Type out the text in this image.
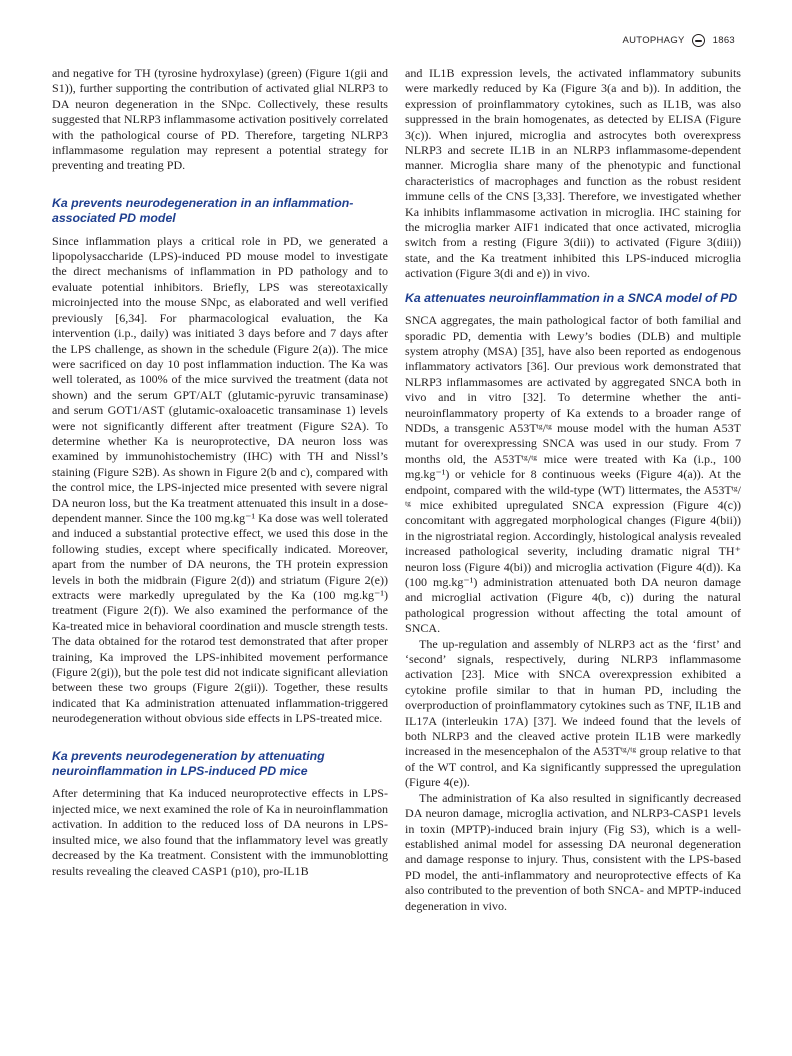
AUTOPHAGY	1863

and negative for TH (tyrosine hydroxylase) (green) (Figure 1(gii and S1)), further supporting the contribution of activated glial NLRP3 to DA neuron degeneration in the SNpc. Collectively, these results suggested that NLRP3 inflammasome activation positively correlated with the pathological course of PD. Therefore, targeting NLRP3 inflammasome regulation may represent a potential strategy for preventing and treating PD.

Ka prevents neurodegeneration in an inflammation-associated PD model

Since inflammation plays a critical role in PD, we generated a lipopolysaccharide (LPS)-induced PD mouse model to investigate the direct mechanisms of inflammation in PD pathology and to evaluate potential inhibitors. Briefly, LPS was stereotaxically microinjected into the mouse SNpc, as elaborated and well verified previously [6,34]. For pharmacological evaluation, the Ka intervention (i.p., daily) was initiated 3 days before and 7 days after the LPS challenge, as shown in the schedule (Figure 2(a)). The mice were sacrificed on day 10 post inflammation induction. The Ka was well tolerated, as 100% of the mice survived the treatment (data not shown) and the serum GPT/ALT (glutamic-pyruvic transaminase) and serum GOT1/AST (glutamic-oxaloacetic transaminase 1) levels were not significantly different after treatment (Figure S2A). To determine whether Ka is neuroprotective, DA neuron loss was examined by immunohistochemistry (IHC) with TH and Nissl’s staining (Figure S2B). As shown in Figure 2(b and c), compared with the control mice, the LPS-injected mice presented with severe nigral DA neuron loss, but the Ka treatment attenuated this insult in a dose-dependent manner. Since the 100 mg.kg⁻¹ Ka dose was well tolerated and induced a substantial protective effect, we used this dose in the following studies, except where specifically indicated. Moreover, apart from the number of DA neurons, the TH protein expression levels in both the midbrain (Figure 2(d)) and striatum (Figure 2(e)) extracts were markedly upregulated by the Ka (100 mg.kg⁻¹) treatment (Figure 2(f)). We also examined the performance of the Ka-treated mice in behavioral coordination and muscle strength tests. The data obtained for the rotarod test demonstrated that after proper training, Ka improved the LPS-inhibited movement performance (Figure 2(gi)), but the pole test did not indicate significant alleviation between these two groups (Figure 2(gii)). Together, these results indicated that Ka administration attenuated inflammation-triggered neurodegeneration without obvious side effects in LPS-treated mice.

Ka prevents neurodegeneration by attenuating neuroinflammation in LPS-induced PD mice

After determining that Ka induced neuroprotective effects in LPS-injected mice, we next examined the role of Ka in neuroinflammation activation. In addition to the reduced loss of DA neurons in LPS-insulted mice, we also found that the inflammatory level was greatly decreased by the Ka treatment. Consistent with the immunoblotting results revealing the cleaved CASP1 (p10), pro-IL1B

and IL1B expression levels, the activated inflammatory subunits were markedly reduced by Ka (Figure 3(a and b)). In addition, the expression of proinflammatory cytokines, such as IL1B, was also suppressed in the brain homogenates, as detected by ELISA (Figure 3(c)). When injured, microglia and astrocytes both overexpress NLRP3 and secrete IL1B in an NLRP3 inflammasome-dependent manner. Microglia share many of the phenotypic and functional characteristics of macrophages and function as the robust resident immune cells of the CNS [3,33]. Therefore, we investigated whether Ka inhibits inflammasome activation in microglia. IHC staining for the microglia marker AIF1 indicated that once activated, microglia switch from a resting (Figure 3(dii)) to activated (Figure 3(diii)) state, and the Ka treatment inhibited this LPS-induced microglia activation (Figure 3(di and e)) in vivo.

Ka attenuates neuroinflammation in a SNCA model of PD

SNCA aggregates, the main pathological factor of both familial and sporadic PD, dementia with Lewy’s bodies (DLB) and multiple system atrophy (MSA) [35], have also been reported as endogenous inflammatory activators [36]. Our previous work demonstrated that NLRP3 inflammasomes are activated by aggregated SNCA both in vivo and in vitro [32]. To determine whether the anti-neuroinflammatory property of Ka extends to a broader range of NDDs, a transgenic A53Tᵗᵍ/ᵗᵍ mouse model with the human A53T mutant for overexpressing SNCA was used in our study. From 7 months old, the A53Tᵗᵍ/ᵗᵍ mice were treated with Ka (i.p., 100 mg.kg⁻¹) or vehicle for 8 continuous weeks (Figure 4(a)). At the endpoint, compared with the wild-type (WT) littermates, the A53Tᵗᵍ/ᵗᵍ mice exhibited upregulated SNCA expression (Figure 4(c)) concomitant with aggregated morphological changes (Figure 4(bii)) in the nigrostriatal region. Accordingly, histological analysis revealed increased pathological severity, including dramatic nigral TH⁺ neuron loss (Figure 4(bi)) and microglia activation (Figure 4(d)). Ka (100 mg.kg⁻¹) administration attenuated both DA neuron damage and microglial activation (Figure 4(b, c)) during the natural pathological progression without affecting the total amount of SNCA.

The up-regulation and assembly of NLRP3 act as the ‘first’ and ‘second’ signals, respectively, during NLRP3 inflammasome activation [23]. Mice with SNCA overexpression exhibited a cytokine profile similar to that in human PD, including the overproduction of proinflammatory cytokines such as TNF, IL1B and IL17A (interleukin 17A) [37]. We indeed found that the levels of both NLRP3 and the cleaved active protein IL1B were markedly increased in the mesencephalon of the A53Tᵗᵍ/ᵗᵍ group relative to that of the WT control, and Ka significantly suppressed the upregulation (Figure 4(e)).

The administration of Ka also resulted in significantly decreased DA neuron damage, microglia activation, and NLRP3-CASP1 levels in toxin (MPTP)-induced brain injury (Fig S3), which is a well-established animal model for assessing DA neuronal degeneration and damage response to injury. Thus, consistent with the LPS-based PD model, the anti-inflammatory and neuroprotective effects of Ka also contributed to the prevention of both SNCA- and MPTP-induced degeneration in vivo.
